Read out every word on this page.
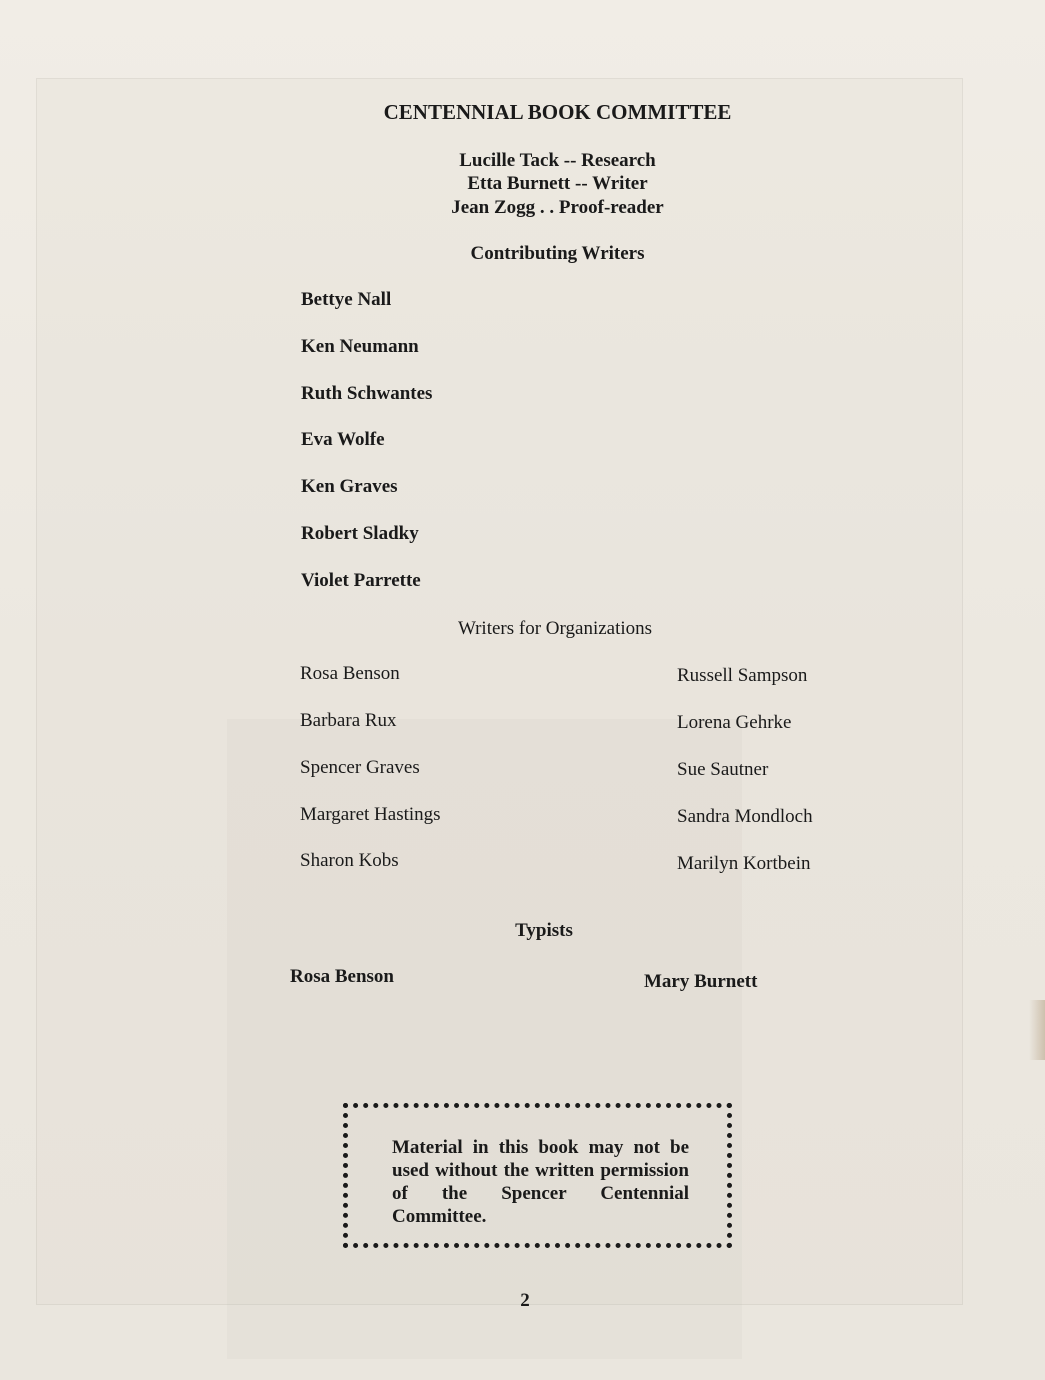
CENTENNIAL BOOK COMMITTEE
Lucille Tack -- Research
Etta Burnett -- Writer
Jean Zogg . . Proof-reader
Contributing Writers
Bettye Nall
Ken Neumann
Ruth Schwantes
Eva Wolfe
Ken Graves
Robert Sladky
Violet Parrette
Writers for Organizations
Rosa Benson
Barbara Rux
Spencer Graves
Margaret Hastings
Sharon Kobs
Russell Sampson
Lorena Gehrke
Sue Sautner
Sandra Mondloch
Marilyn Kortbein
Typists
Rosa Benson	Mary Burnett
Material in this book may not be used without the written permission of the Spencer Centennial Committee.
2
